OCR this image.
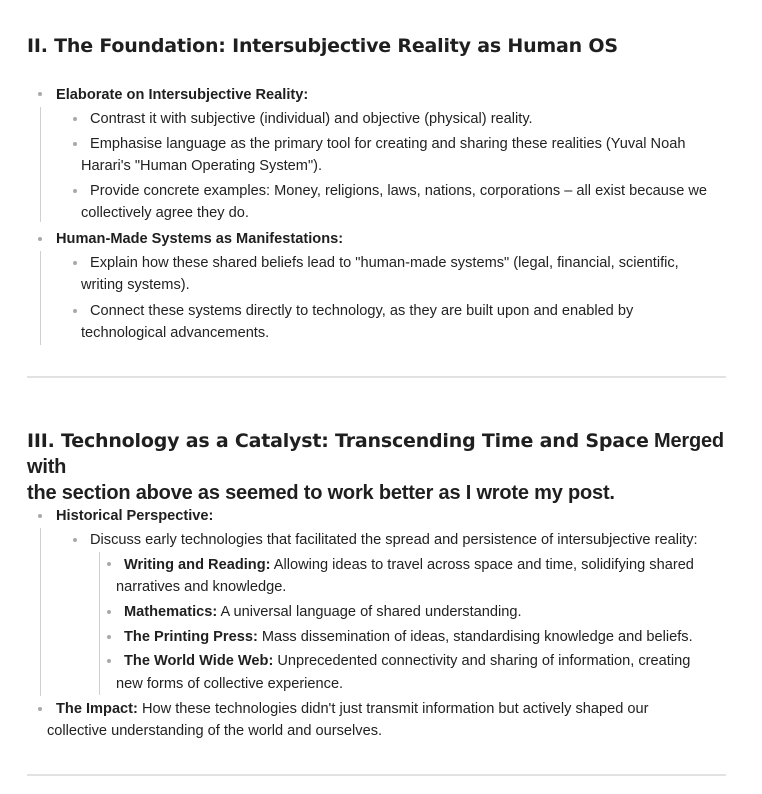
II. The Foundation: Intersubjective Reality as Human OS
Elaborate on Intersubjective Reality:
Contrast it with subjective (individual) and objective (physical) reality.
Emphasise language as the primary tool for creating and sharing these realities (Yuval Noah
Harari's "Human Operating System").
Provide concrete examples: Money, religions, laws, nations, corporations – all exist because we
collectively agree they do.
Human-Made Systems as Manifestations:
Explain how these shared beliefs lead to "human-made systems" (legal, financial, scientific,
writing systems).
Connect these systems directly to technology, as they are built upon and enabled by
technological advancements.
III. Technology as a Catalyst: Transcending Time and Space Merged with
the section above as seemed to work better as I wrote my post.
Historical Perspective:
Discuss early technologies that facilitated the spread and persistence of intersubjective reality:
Writing and Reading: Allowing ideas to travel across space and time, solidifying shared
narratives and knowledge.
Mathematics: A universal language of shared understanding.
The Printing Press: Mass dissemination of ideas, standardising knowledge and beliefs.
The World Wide Web: Unprecedented connectivity and sharing of information, creating
new forms of collective experience.
The Impact: How these technologies didn't just transmit information but actively shaped our
collective understanding of the world and ourselves.
